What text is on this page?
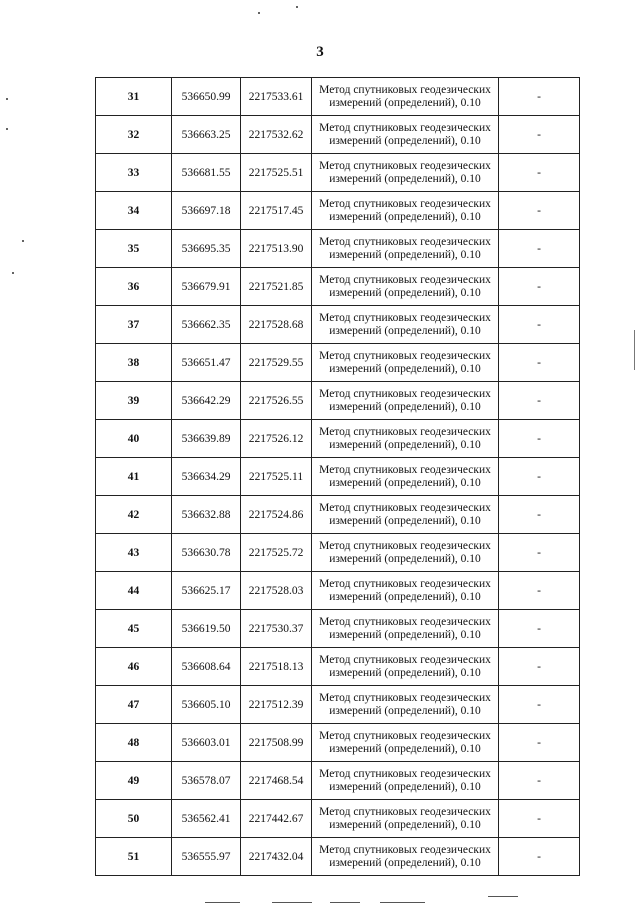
3
31	536650.99	2217533.61	Метод спутниковых геодезических
измерений (определений), 0.10	-
32	536663.25	2217532.62	Метод спутниковых геодезических
измерений (определений), 0.10	-
33	536681.55	2217525.51	Метод спутниковых геодезических
измерений (определений), 0.10	-
34	536697.18	2217517.45	Метод спутниковых геодезических
измерений (определений), 0.10	-
35	536695.35	2217513.90	Метод спутниковых геодезических
измерений (определений), 0.10	-
36	536679.91	2217521.85	Метод спутниковых геодезических
измерений (определений), 0.10	-
37	536662.35	2217528.68	Метод спутниковых геодезических
измерений (определений), 0.10	-
38	536651.47	2217529.55	Метод спутниковых геодезических
измерений (определений), 0.10	-
39	536642.29	2217526.55	Метод спутниковых геодезических
измерений (определений), 0.10	-
40	536639.89	2217526.12	Метод спутниковых геодезических
измерений (определений), 0.10	-
41	536634.29	2217525.11	Метод спутниковых геодезических
измерений (определений), 0.10	-
42	536632.88	2217524.86	Метод спутниковых геодезических
измерений (определений), 0.10	-
43	536630.78	2217525.72	Метод спутниковых геодезических
измерений (определений), 0.10	-
44	536625.17	2217528.03	Метод спутниковых геодезических
измерений (определений), 0.10	-
45	536619.50	2217530.37	Метод спутниковых геодезических
измерений (определений), 0.10	-
46	536608.64	2217518.13	Метод спутниковых геодезических
измерений (определений), 0.10	-
47	536605.10	2217512.39	Метод спутниковых геодезических
измерений (определений), 0.10	-
48	536603.01	2217508.99	Метод спутниковых геодезических
измерений (определений), 0.10	-
49	536578.07	2217468.54	Метод спутниковых геодезических
измерений (определений), 0.10	-
50	536562.41	2217442.67	Метод спутниковых геодезических
измерений (определений), 0.10	-
51	536555.97	2217432.04	Метод спутниковых геодезических
измерений (определений), 0.10	-
